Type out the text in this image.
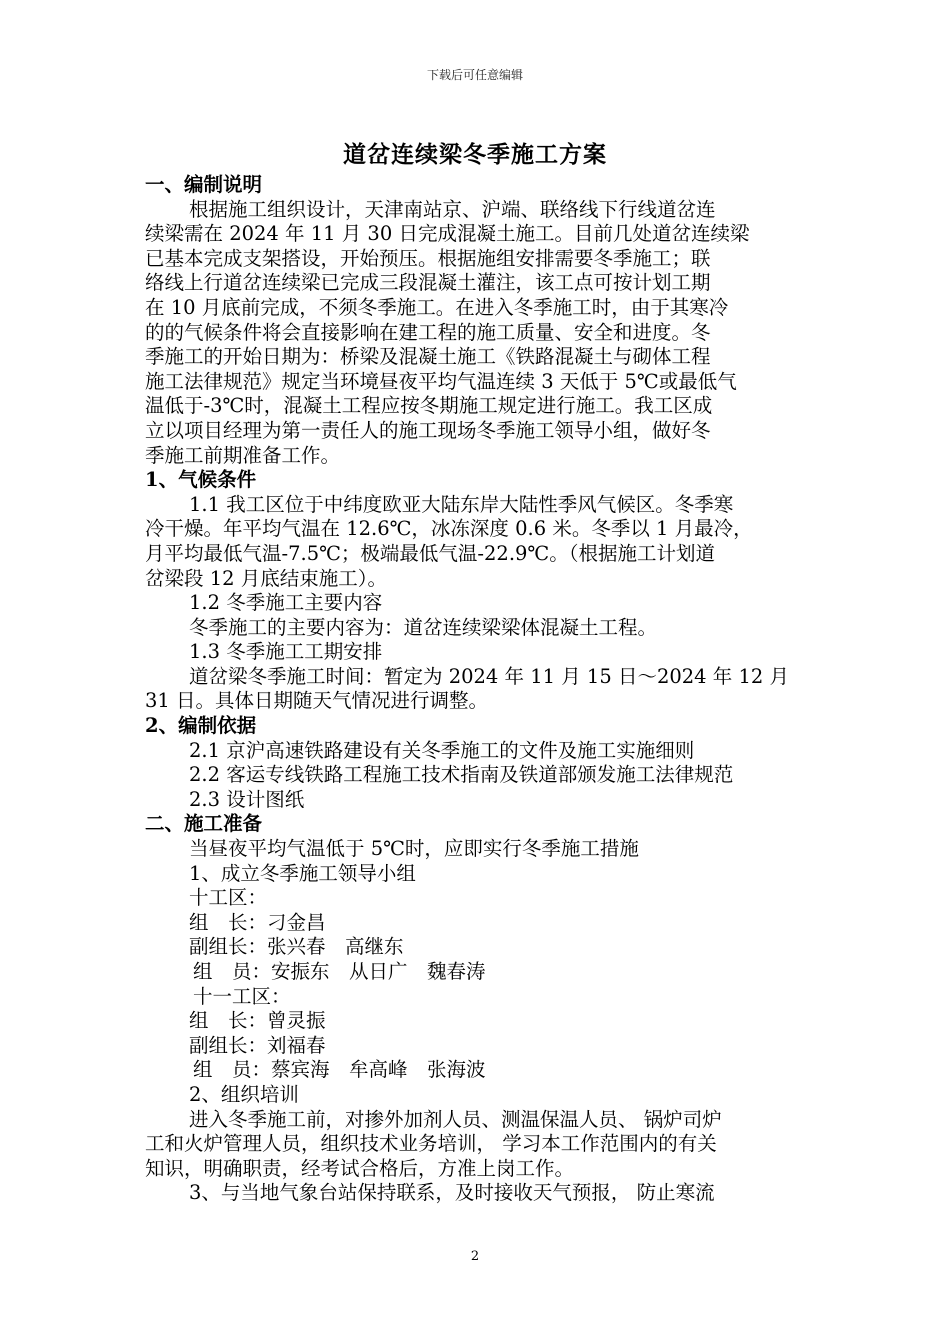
下载后可任意编辑
道岔连续梁冬季施工方案
一、编制说明
根据施工组织设计，天津南站京、沪端、联络线下行线道岔连
续梁需在 2024 年 11 月 30 日完成混凝土施工。目前几处道岔连续梁
已基本完成支架搭设，开始预压。根据施组安排需要冬季施工；联
络线上行道岔连续梁已完成三段混凝土灌注，该工点可按计划工期
在 10 月底前完成，不须冬季施工。在进入冬季施工时，由于其寒冷
的的气候条件将会直接影响在建工程的施工质量、安全和进度。冬
季施工的开始日期为：桥梁及混凝土施工《铁路混凝土与砌体工程
施工法律规范》规定当环境昼夜平均气温连续 3 天低于 5℃或最低气
温低于-3℃时，混凝土工程应按冬期施工规定进行施工。我工区成
立以项目经理为第一责任人的施工现场冬季施工领导小组，做好冬
季施工前期准备工作。
1、气候条件
1.1 我工区位于中纬度欧亚大陆东岸大陆性季风气候区。冬季寒
冷干燥。年平均气温在 12.6℃，冰冻深度 0.6 米。冬季以 1 月最冷，
月平均最低气温-7.5℃；极端最低气温-22.9℃。（根据施工计划道
岔梁段 12 月底结束施工）。
1.2 冬季施工主要内容
冬季施工的主要内容为：道岔连续梁梁体混凝土工程。
1.3 冬季施工工期安排
道岔梁冬季施工时间：暂定为 2024 年 11 月 15 日～2024 年 12 月
31 日。具体日期随天气情况进行调整。
2、编制依据
2.1 京沪高速铁路建设有关冬季施工的文件及施工实施细则
2.2 客运专线铁路工程施工技术指南及铁道部颁发施工法律规范
2.3 设计图纸
二、施工准备
当昼夜平均气温低于 5℃时，应即实行冬季施工措施
1、成立冬季施工领导小组
十工区：
组　长：刁金昌
副组长：张兴春　高继东
组　员：安振东　从日广　魏春涛
十一工区：
组　长：曾灵振
副组长：刘福春
组　员：蔡宾海　牟高峰　张海波
2、组织培训
进入冬季施工前，对掺外加剂人员、测温保温人员、 锅炉司炉
工和火炉管理人员，组织技术业务培训， 学习本工作范围内的有关
知识，明确职责，经考试合格后，方准上岗工作。
3、与当地气象台站保持联系，及时接收天气预报， 防止寒流
2
